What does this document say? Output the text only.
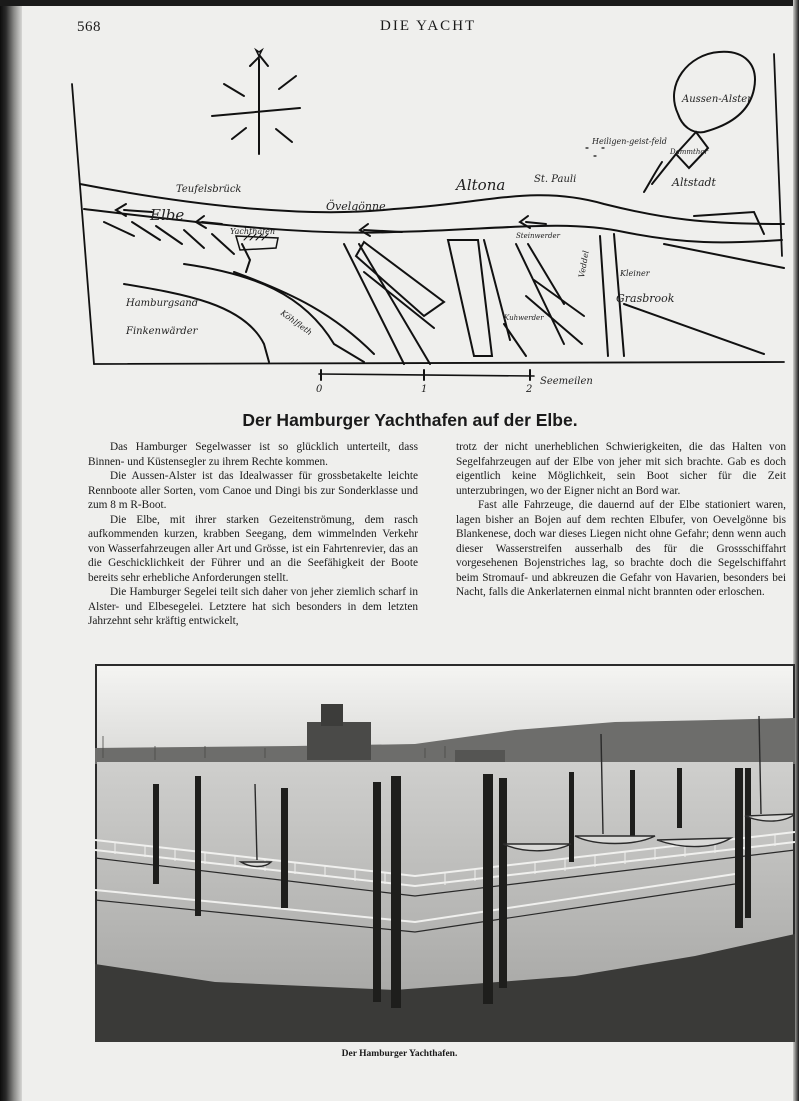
568	DIE YACHT
Aussen-Alster
Dammthor
Heiligen-geist-feld
St. Pauli
Altona	Altstadt
Teufelsbrück
Övelgönne
Elbe
Yachthafen
Hamburgsand
Finkenwärder	Köhlfleth
Steinwerder
Kuhwerder
Veddel
Grasbrook
Kleiner
0	1	2
Seemeilen
Der Hamburger Yachthafen auf der Elbe.

Das Hamburger Segelwasser ist so glücklich unterteilt, dass Binnen- und Küstensegler zu ihrem Rechte kommen.

Die Aussen-Alster ist das Idealwasser für grossbetakelte leichte Rennboote aller Sorten, vom Canoe und Dingi bis zur Sonderklasse und zum 8 m R-Boot.

Die Elbe, mit ihrer starken Gezeitenströmung, dem rasch aufkommenden kurzen, krabben Seegang, dem wimmelnden Verkehr von Wasserfahrzeugen aller Art und Grösse, ist ein Fahrtenrevier, das an die Geschicklichkeit der Führer und an die Seefähigkeit der Boote bereits sehr erhebliche Anforderungen stellt.

Die Hamburger Segelei teilt sich daher von jeher ziemlich scharf in Alster- und Elbesegelei. Letztere hat sich besonders in dem letzten Jahrzehnt sehr kräftig entwickelt,

trotz der nicht unerheblichen Schwierigkeiten, die das Halten von Segelfahrzeugen auf der Elbe von jeher mit sich brachte. Gab es doch eigentlich keine Möglichkeit, sein Boot sicher für die Zeit unterzubringen, wo der Eigner nicht an Bord war.

Fast alle Fahrzeuge, die dauernd auf der Elbe stationiert waren, lagen bisher an Bojen auf dem rechten Elbufer, von Oevelgönne bis Blankenese, doch war dieses Liegen nicht ohne Gefahr; denn wenn auch dieser Wasserstreifen ausserhalb des für die Grossschiffahrt vorgesehenen Bojenstriches lag, so brachte doch die Segelschiffahrt beim Stromauf- und abkreuzen die Gefahr von Havarien, besonders bei Nacht, falls die Ankerlaternen einmal nicht brannten oder erloschen.

Der Hamburger Yachthafen.
